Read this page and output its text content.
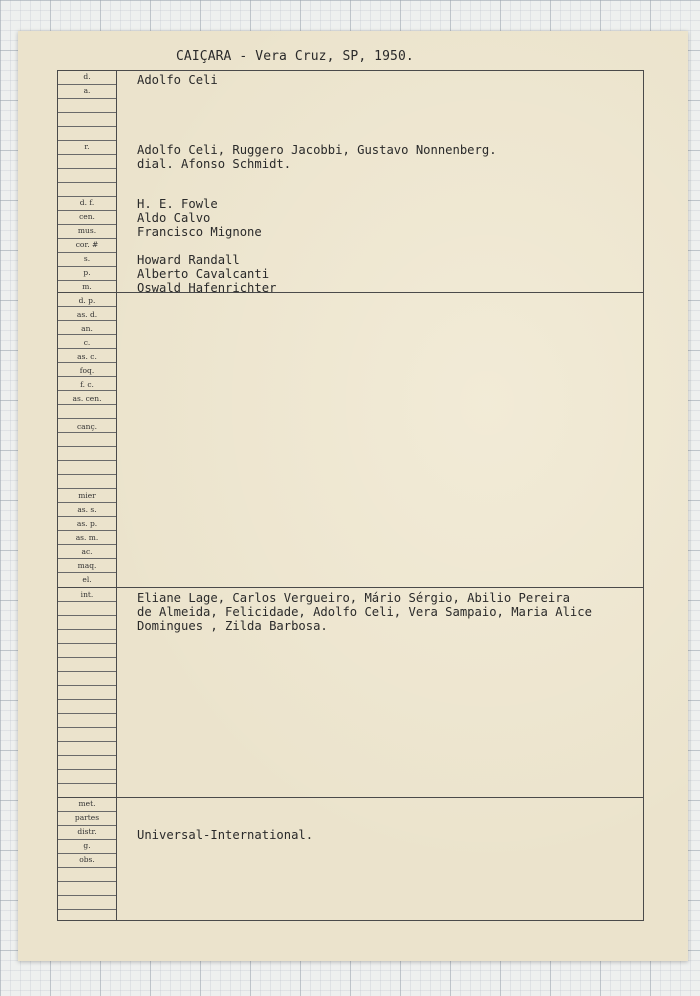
CAIÇARA - Vera Cruz, SP, 1950.

d.
a.
r.
d. f.
cen.
mus.
cor. #
s.
p.
m.
d. p.
as. d.
an.
c.
as. c.
foq.
f. c.
as. cen.
canç.
mier
as. s.
as. p.
as. m.
ac.
maq.
el.
int.
met.
partes
distr.
g.
obs.

Adolfo Celi

Adolfo Celi, Ruggero Jacobbi, Gustavo Nonnenberg.

dial. Afonso Schmidt.

H. E. Fowle

Aldo Calvo

Francisco Mignone

Howard Randall

Alberto Cavalcanti

Oswald Hafenrichter

Eliane Lage, Carlos Vergueiro, Mário Sérgio, Abilio Pereira

de Almeida, Felicidade, Adolfo Celi, Vera Sampaio, Maria Alice

Domingues , Zilda Barbosa.

Universal-International.
